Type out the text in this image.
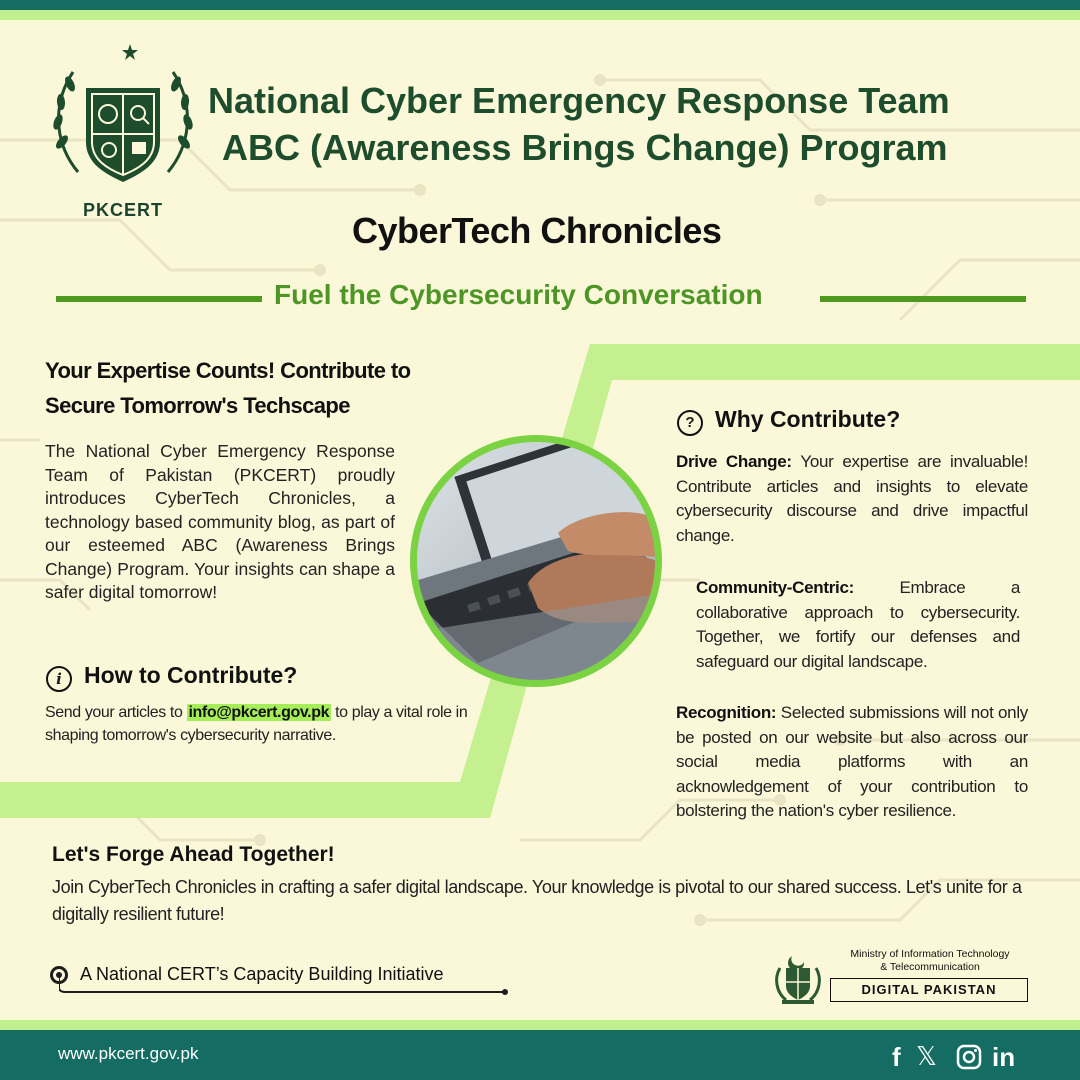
PKCERT
National Cyber Emergency Response Team
ABC (Awareness Brings Change) Program
CyberTech Chronicles
Fuel the Cybersecurity Conversation
Your Expertise Counts! Contribute to Secure Tomorrow's Techscape
The National Cyber Emergency Response Team of Pakistan (PKCERT) proudly introduces CyberTech Chronicles, a technology based community blog, as part of our esteemed ABC (Awareness Brings Change) Program. Your insights can shape a safer digital tomorrow!
i How to Contribute?
Send your articles to info@pkcert.gov.pk to play a vital role in shaping tomorrow's cybersecurity narrative.
? Why Contribute?
Drive Change: Your expertise are invaluable! Contribute articles and insights to elevate cybersecurity discourse and drive impactful change.
Community-Centric: Embrace a collaborative approach to cybersecurity. Together, we fortify our defenses and safeguard our digital landscape.
Recognition: Selected submissions will not only be posted on our website but also across our social media platforms with an acknowledgement of your contribution to bolstering the nation's cyber resilience.
Let's Forge Ahead Together!
Join CyberTech Chronicles in crafting a safer digital landscape. Your knowledge is pivotal to our shared success. Let's unite for a digitally resilient future!
A National CERT’s Capacity Building Initiative
Ministry of Information Technology
& Telecommunication
DIGITAL PAKISTAN
www.pkcert.gov.pk	f 𝕏 in
